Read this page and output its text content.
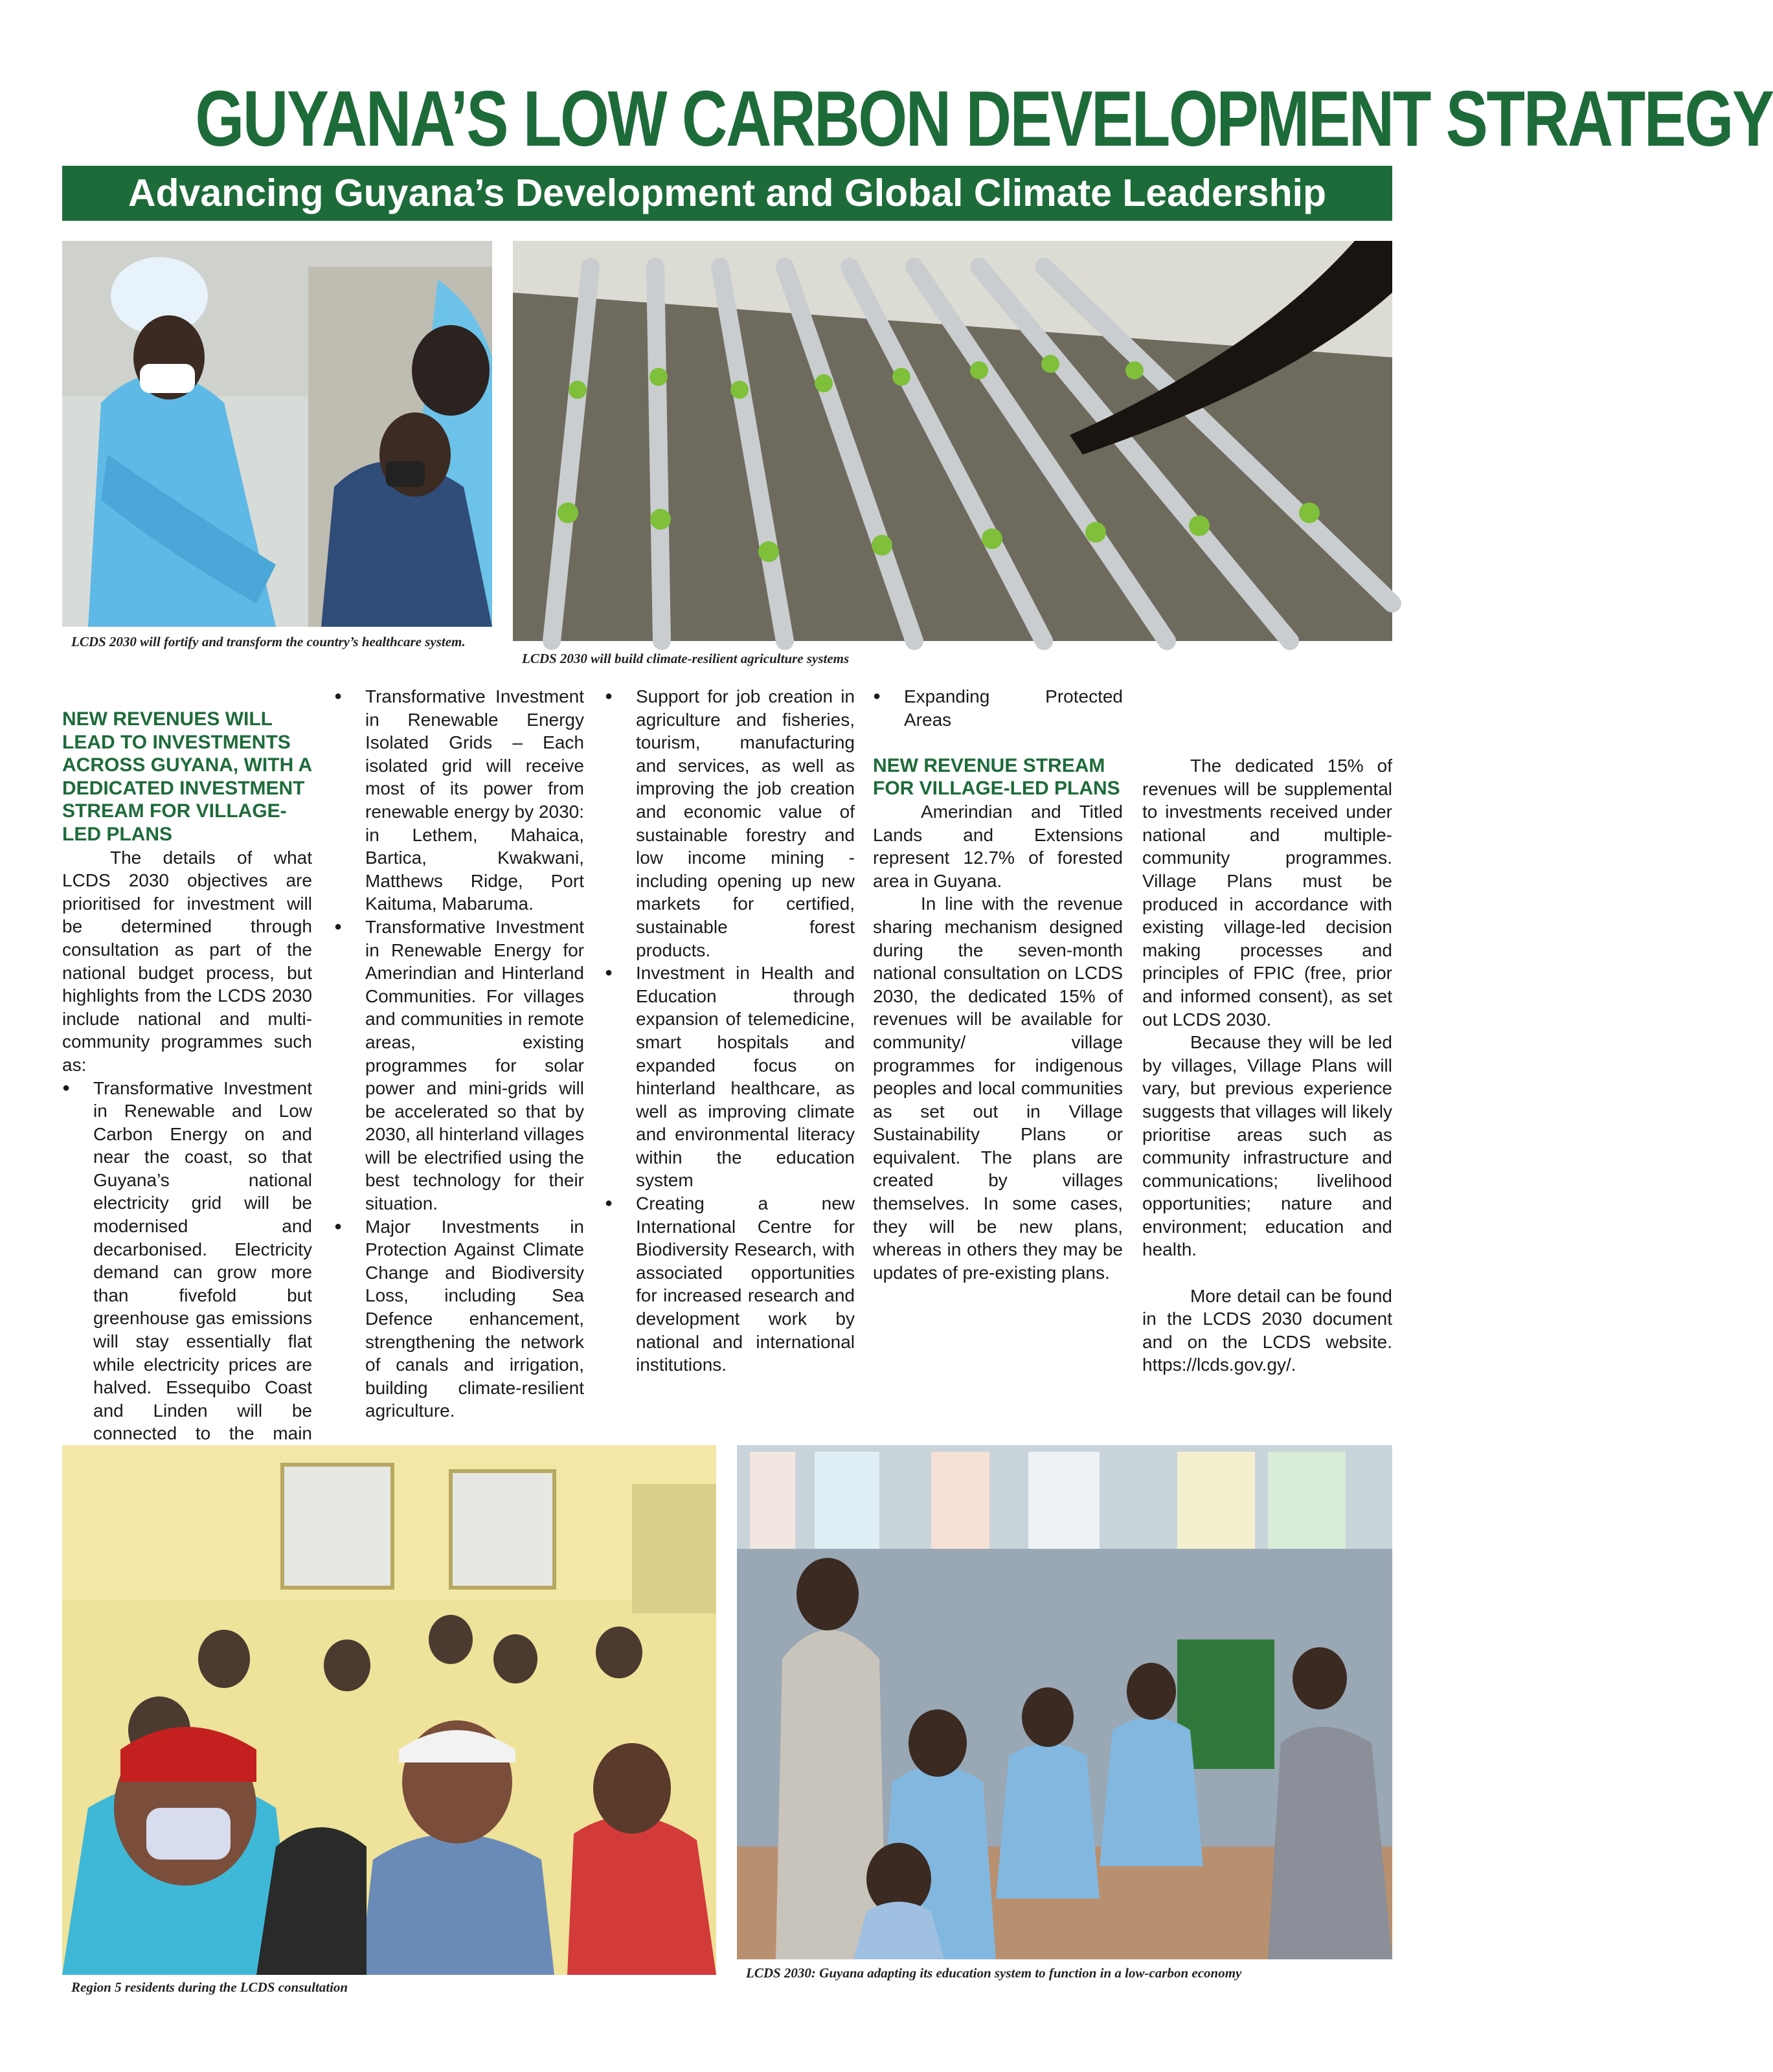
GUYANA’S LOW CARBON DEVELOPMENT STRATEGY
Advancing Guyana’s Development and Global Climate Leadership
LCDS 2030 will fortify and transform the country’s healthcare system.
LCDS 2030 will build climate-resilient agriculture systems

NEW REVENUES WILL LEAD TO INVESTMENTS ACROSS GUYANA, WITH A DEDICATED INVESTMENT STREAM FOR VILLAGE-LED PLANS

The details of what LCDS 2030 objectives are prioritised for investment will be determined through consultation as part of the national budget process, but highlights from the LCDS 2030 include national and multi-community programmes such as:

● Transformative Investment in Renewable and Low Carbon Energy on and near the coast, so that Guyana’s national electricity grid will be modernised and decarbonised. Electricity demand can grow more than fivefold but greenhouse gas emissions will stay essentially flat while electricity prices are halved. Essequibo Coast and Linden will be connected to the main
● Transformative Investment in Renewable Energy Isolated Grids – Each isolated grid will receive most of its power from renewable energy by 2030: in Lethem, Mahaica, Bartica, Kwakwani, Matthews Ridge, Port Kaituma, Mabaruma.
● Transformative Investment in Renewable Energy for Amerindian and Hinterland Communities. For villages and communities in remote areas, existing programmes for solar power and mini-grids will be accelerated so that by 2030, all hinterland villages will be electrified using the best technology for their situation.
● Major Investments in Protection Against Climate Change and Biodiversity Loss, including Sea Defence enhancement, strengthening the network of canals and irrigation, building climate-resilient agriculture.
● Support for job creation in agriculture and fisheries, tourism, manufacturing and services, as well as improving the job creation and economic value of sustainable forestry and low income mining - including opening up new markets for certified, sustainable forest products.
● Investment in Health and Education through expansion of telemedicine, smart hospitals and expanded focus on hinterland healthcare, as well as improving climate and environmental literacy within the education system
● Creating a new International Centre for Biodiversity Research, with associated opportunities for increased research and development work by national and international institutions.
● Expanding Protected Areas

NEW REVENUE STREAM FOR VILLAGE-LED PLANS

Amerindian and Titled Lands and Extensions represent 12.7% of forested area in Guyana.

In line with the revenue sharing mechanism designed during the seven-month national consultation on LCDS 2030, the dedicated 15% of revenues will be available for community/ village programmes for indigenous peoples and local communities as set out in Village Sustainability Plans or equivalent. The plans are created by villages themselves. In some cases, they will be new plans, whereas in others they may be updates of pre-existing plans.

The dedicated 15% of revenues will be supplemental to investments received under national and multiple-community programmes. Village Plans must be produced in accordance with existing village-led decision making processes and principles of FPIC (free, prior and informed consent), as set out LCDS 2030.

Because they will be led by villages, Village Plans will vary, but previous experience suggests that villages will likely prioritise areas such as community infrastructure and communications; livelihood opportunities; nature and environment; education and health.

More detail can be found in the LCDS 2030 document and on the LCDS website. https://lcds.gov.gy/.

Region 5 residents during the LCDS consultation
LCDS 2030: Guyana adapting its education system to function in a low-carbon economy
